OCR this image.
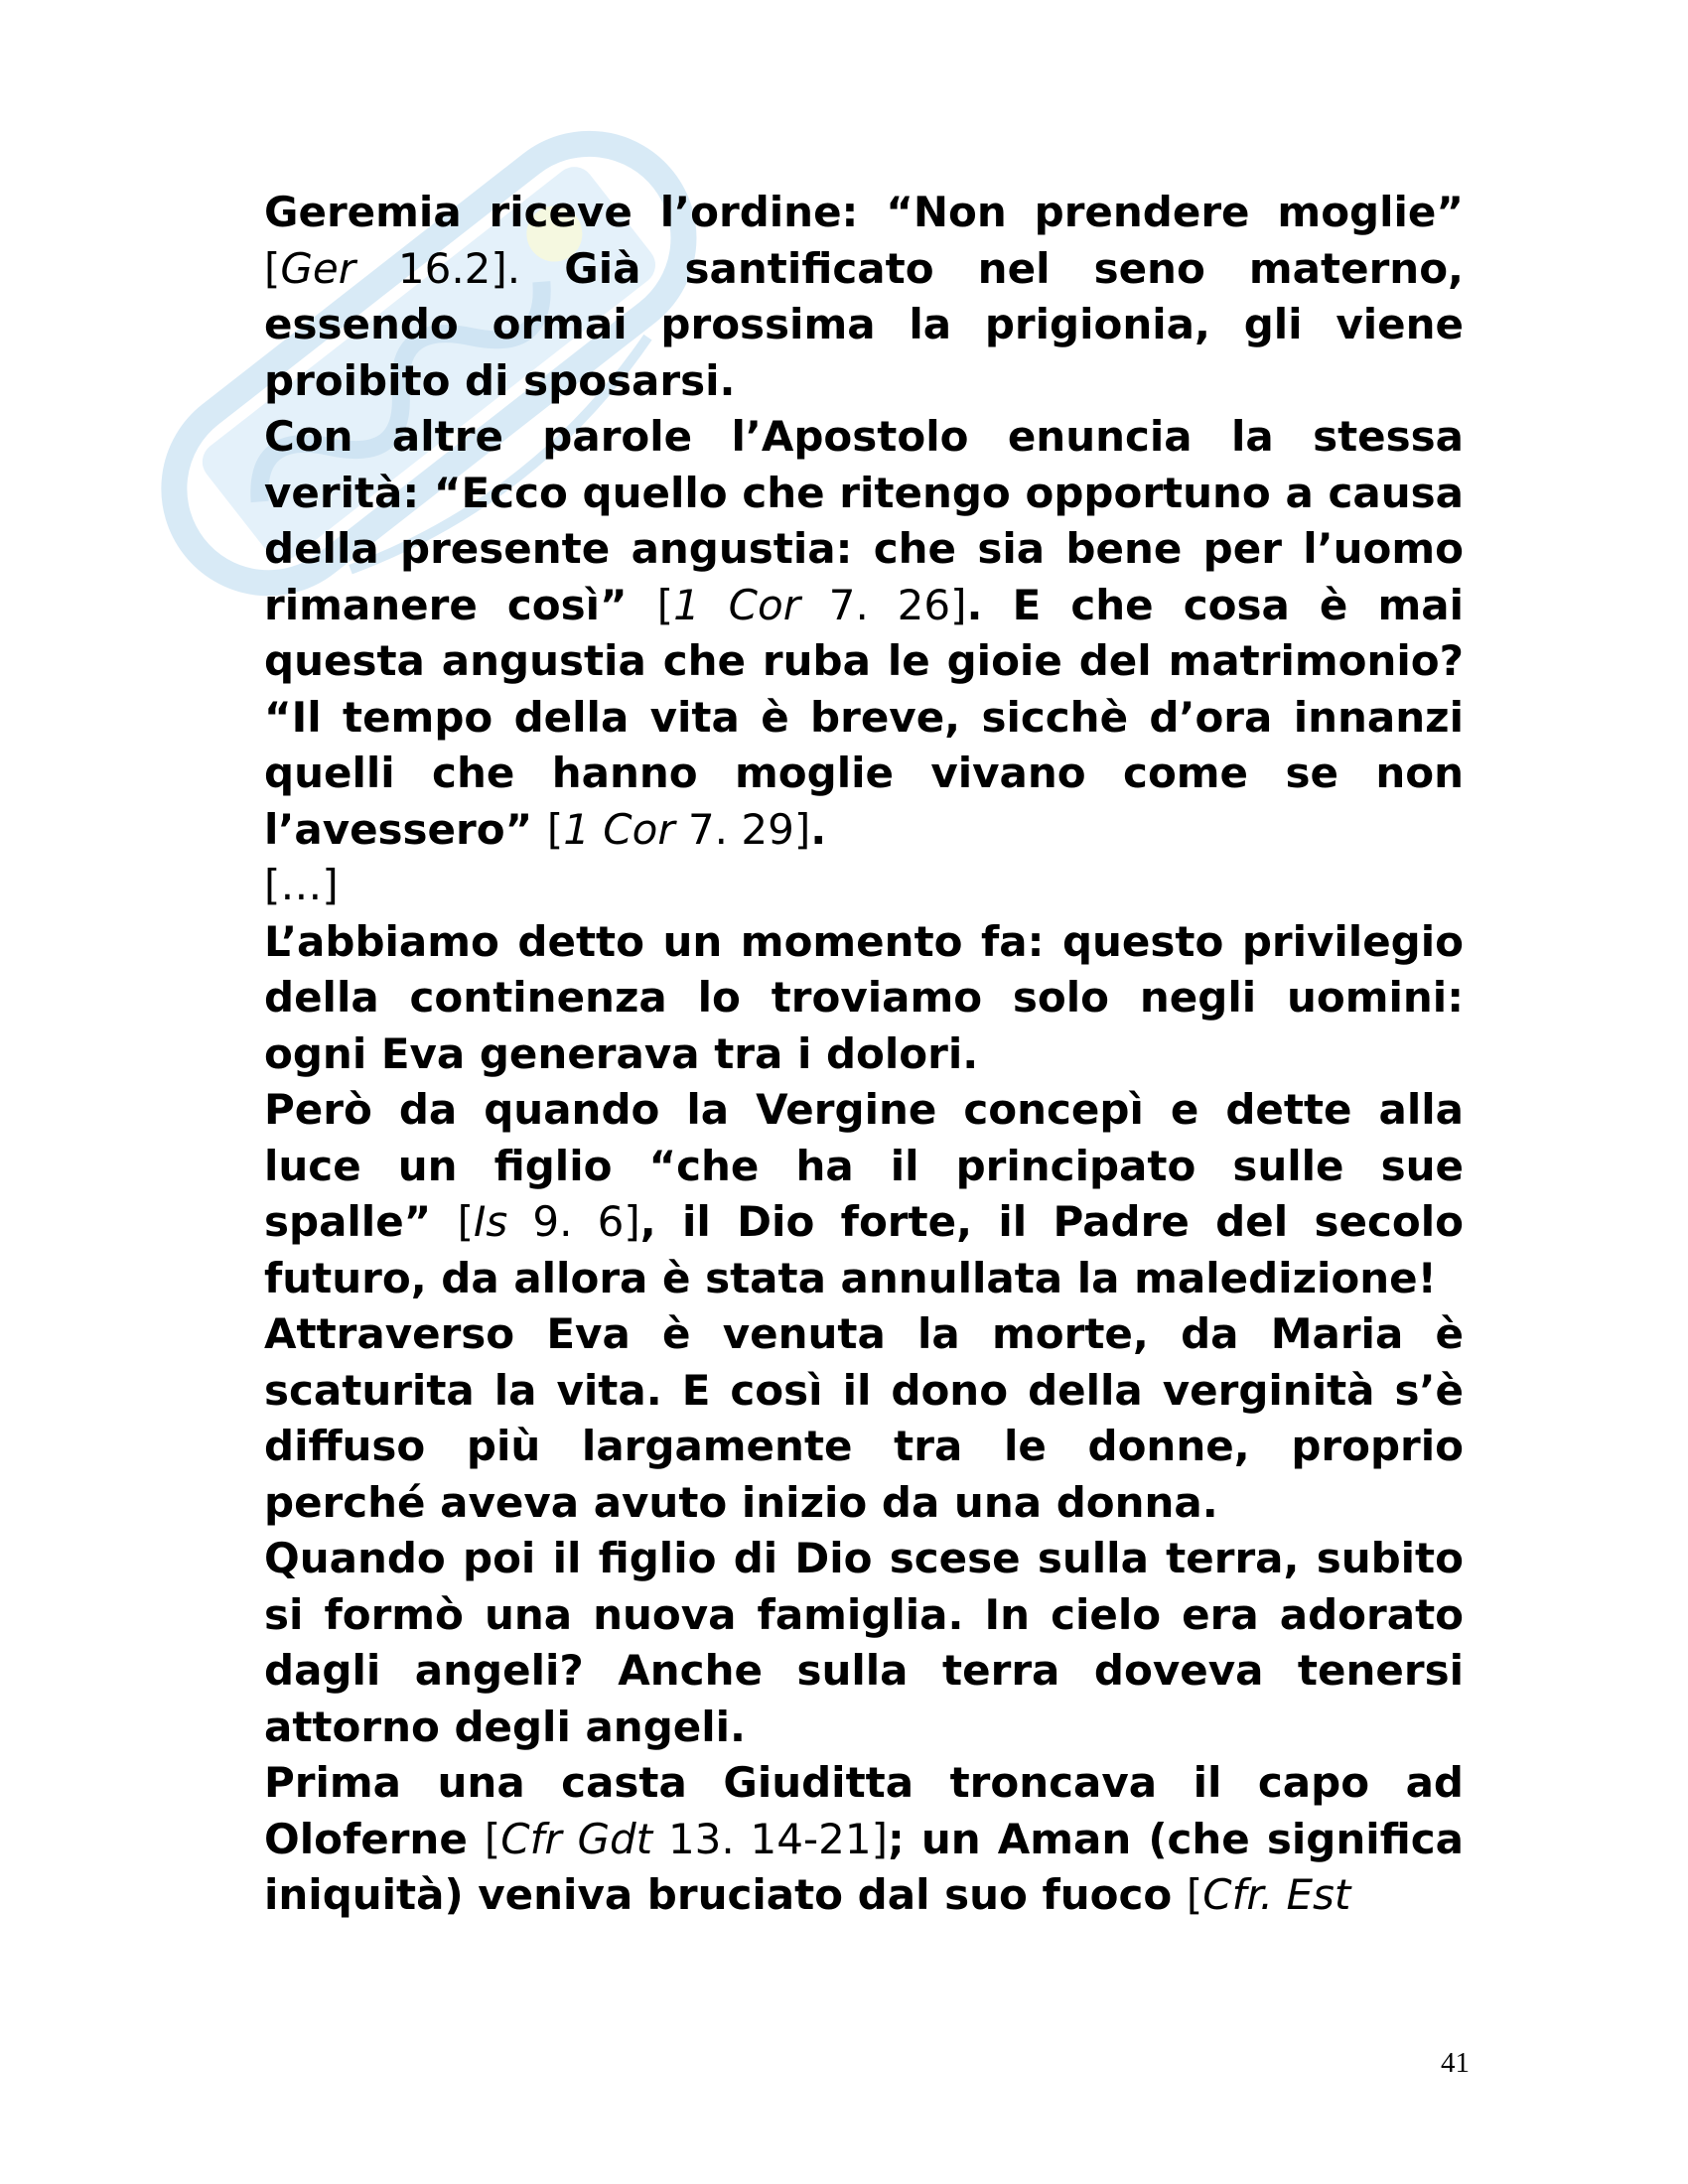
Geremia riceve l’ordine: “Non prendere moglie” [Ger 16.2]. Già santificato nel seno materno, essendo ormai prossima la prigionia, gli viene proibito di sposarsi.

Con altre parole l’Apostolo enuncia la stessa verità: “Ecco quello che ritengo opportuno a causa della presente angustia: che sia bene per l’uomo rimanere così” [1 Cor 7. 26]. E che cosa è mai questa angustia che ruba le gioie del matrimonio? “Il tempo della vita è breve, sicchè d’ora innanzi quelli che hanno moglie vivano come se non l’avessero” [1 Cor 7. 29].

[…]

L’abbiamo detto un momento fa: questo privilegio della continenza lo troviamo solo negli uomini: ogni Eva generava tra i dolori.

Però da quando la Vergine concepì e dette alla luce un figlio “che ha il principato sulle sue spalle” [Is 9. 6], il Dio forte, il Padre del secolo futuro, da allora è stata annullata la maledizione!

Attraverso Eva è venuta la morte, da Maria è scaturita la vita. E così il dono della verginità s’è diffuso più largamente tra le donne, proprio perché aveva avuto inizio da una donna.

Quando poi il figlio di Dio scese sulla terra, subito si formò una nuova famiglia. In cielo era adorato dagli angeli? Anche sulla terra doveva tenersi attorno degli angeli.

Prima una casta Giuditta troncava il capo ad Oloferne [Cfr Gdt 13. 14-21]; un Aman (che significa iniquità) veniva bruciato dal suo fuoco [Cfr. Est

41
